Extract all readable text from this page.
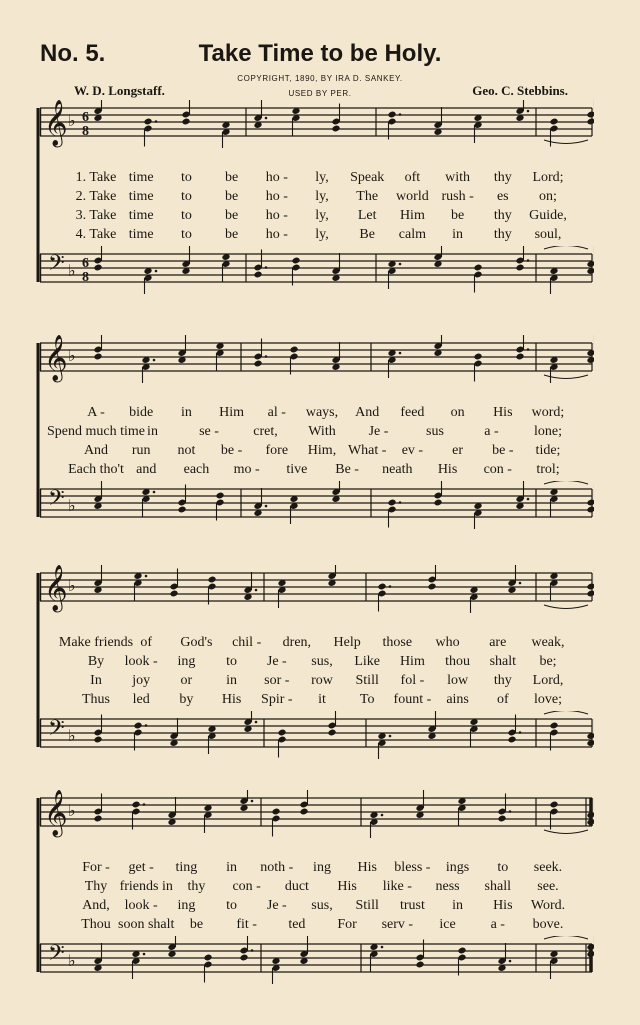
No. 5.	Take Time to be Holy.
COPYRIGHT, 1890, BY IRA D. SANKEY.
USED BY PER.
W. D. Longstaff.	Geo. C. Stebbins.
𝄞 ♭ 6
8
1. Take time to be ho - ly, Speak oft with thy Lord;
2. Take time to be ho - ly, The world rush - es on;
3. Take time to be ho - ly, Let Him be thy Guide,
4. Take time to be ho - ly, Be calm in thy soul,
𝄢 ♭ 6
8
𝄞 ♭
A - bide in Him al - ways, And feed on His word;
Spend much time in	se - cret, With Je -	sus	a -	lone;
And run not be - fore Him, What - ev - er be - tide;
Each tho't and each mo - tive Be - neath His con - trol;
𝄢 ♭
𝄞 ♭
Make friends of God's chil - dren, Help those who are weak,
By look - ing to Je - sus, Like Him thou shalt be;
In joy or in sor - row Still fol - low thy Lord,
Thus led by His Spir - it To fount - ains of love;
𝄢 ♭
𝄞 ♭
For - get - ting in noth - ing His bless - ings to seek.
Thy friends in thy con - duct His like - ness shall see.
And, look - ing to Je - sus, Still trust in His Word.
Thou soon shalt be fit - ted For serv - ice a - bove.
𝄢 ♭
